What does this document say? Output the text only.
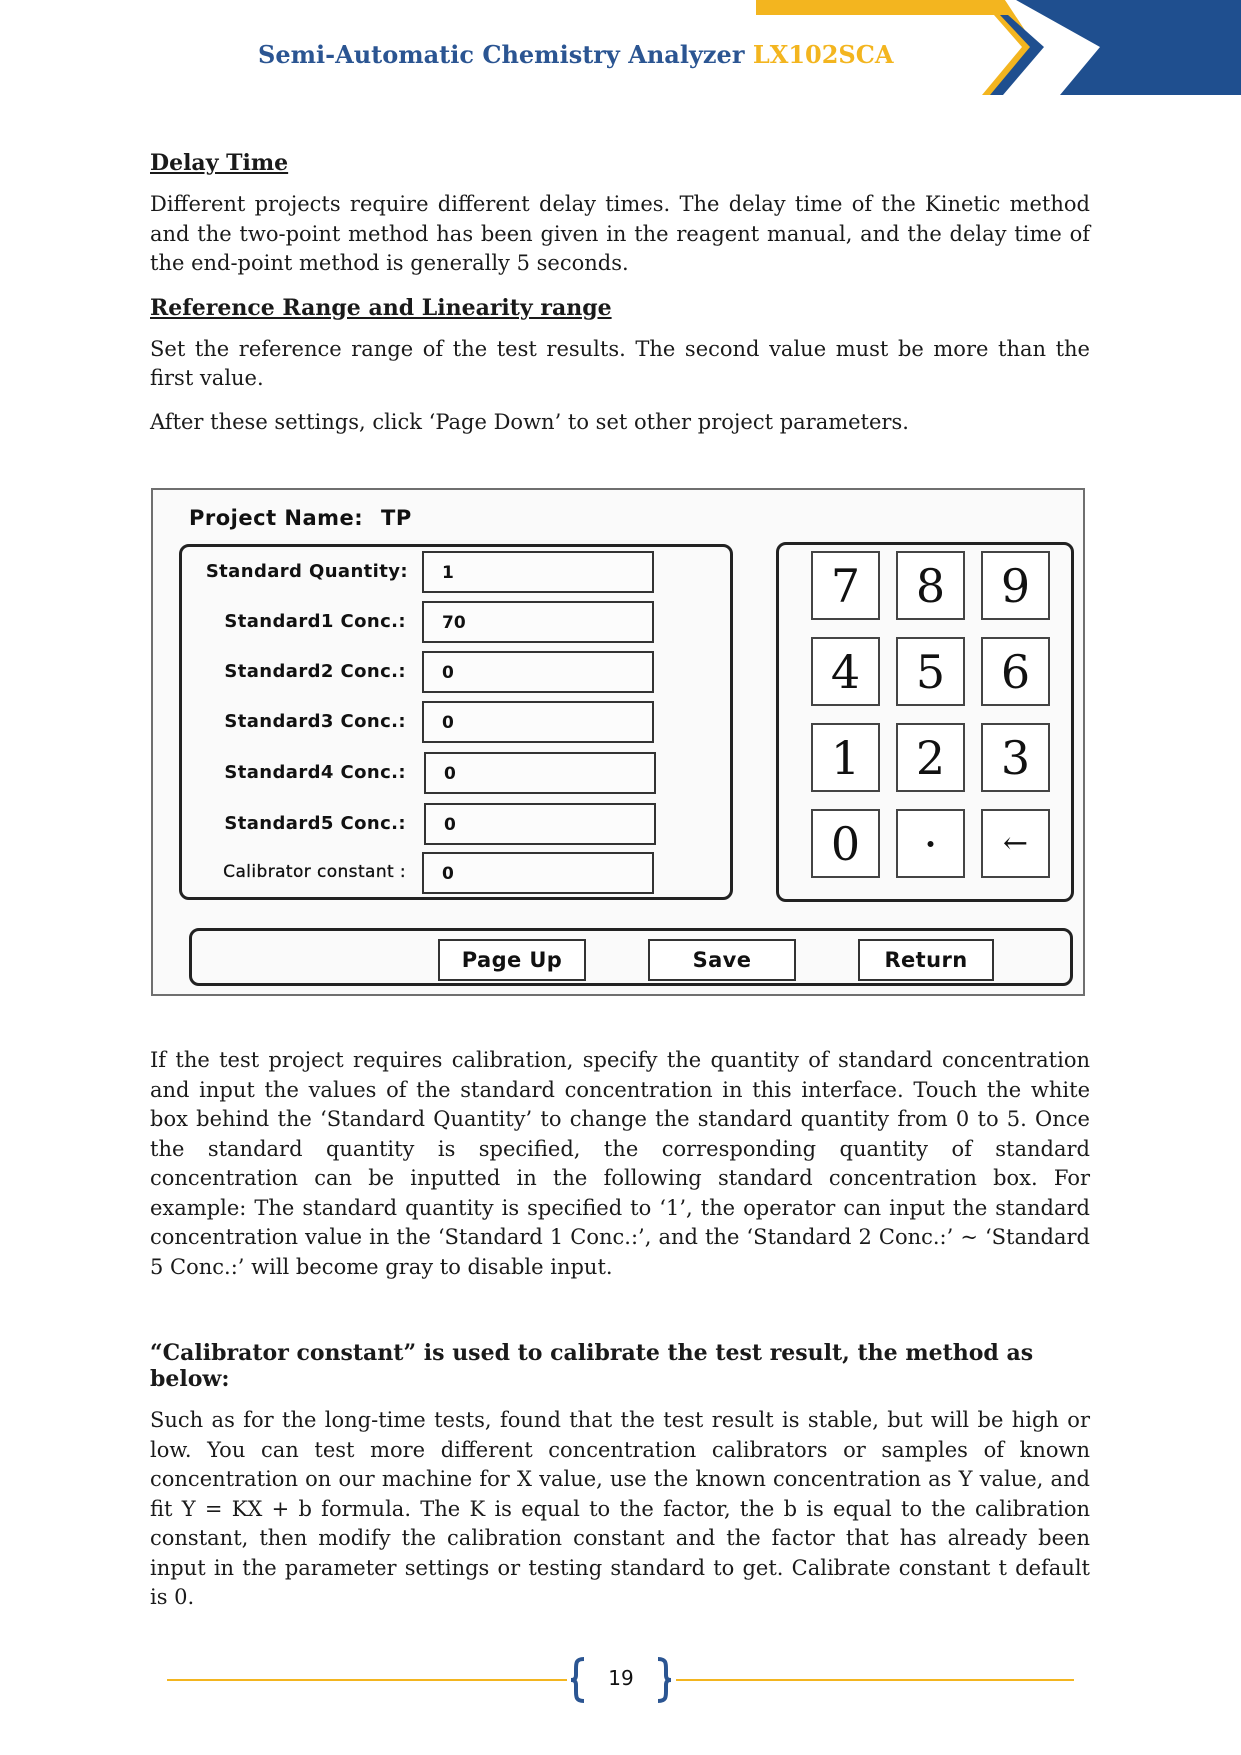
Semi-Automatic Chemistry Analyzer LX102SCA

Delay Time

Different projects require different delay times. The delay time of the Kinetic method and the two-point method has been given in the reagent manual, and the delay time of the end-point method is generally 5 seconds.

Reference Range and Linearity range

Set the reference range of the test results. The second value must be more than the first value.

After these settings, click ‘Page Down’ to set other project parameters.

Project Name: TP
Standard Quantity:	1
Standard1 Conc.:	70
Standard2 Conc.:	0
Standard3 Conc.:	0
Standard4 Conc.:	0
Standard5 Conc.:	0
Calibrator constant :	0
7	8	9
4	5	6
1	2	3
0	·	←
Page Up	Save	Return

If the test project requires calibration, specify the quantity of standard concentration and input the values of the standard concentration in this interface. Touch the white box behind the ‘Standard Quantity’ to change the standard quantity from 0 to 5. Once the standard quantity is specified, the corresponding quantity of standard concentration can be inputted in the following standard concentration box. For example: The standard quantity is specified to ‘1’, the operator can input the standard concentration value in the ‘Standard 1 Conc.:’, and the ‘Standard 2 Conc.:’ ~ ‘Standard 5 Conc.:’ will become gray to disable input.

“Calibrator constant” is used to calibrate the test result, the method as below:

Such as for the long-time tests, found that the test result is stable, but will be high or low. You can test more different concentration calibrators or samples of known concentration on our machine for X value, use the known concentration as Y value, and fit Y = KX + b formula. The K is equal to the factor, the b is equal to the calibration constant, then modify the calibration constant and the factor that has already been input in the parameter settings or testing standard to get. Calibrate constant t default is 0.

19
